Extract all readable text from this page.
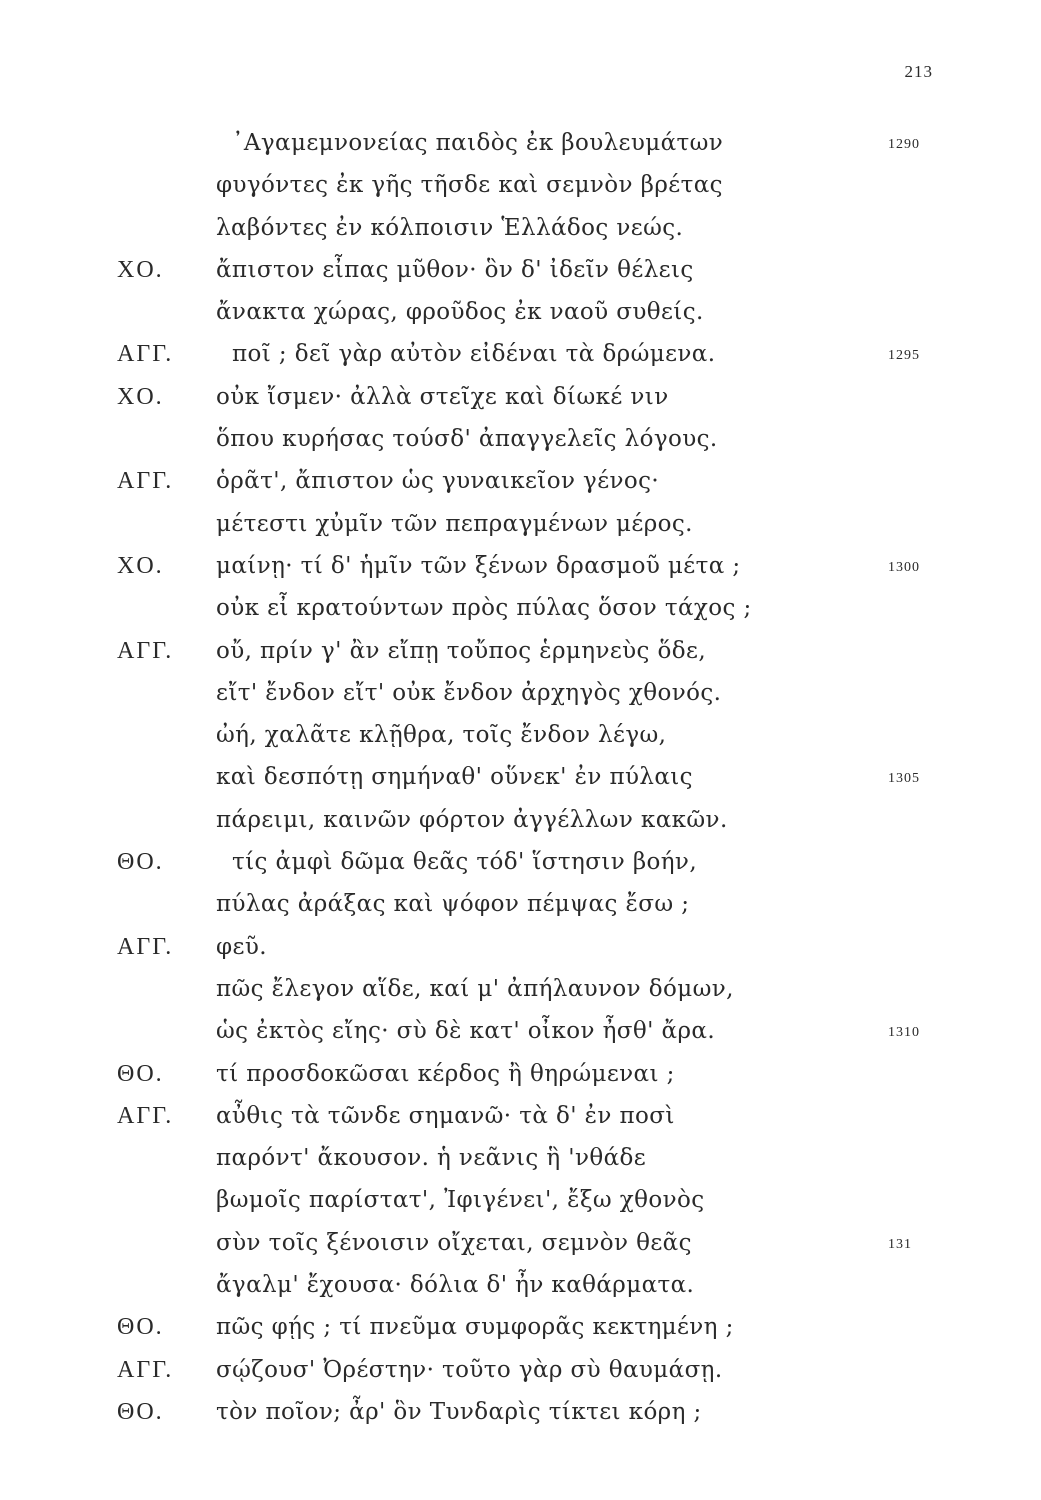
213
᾿Αγαμεμνονείας παιδὸς ἐκ βουλευμάτων	1290
φυγόντες ἐκ γῆς τῆσδε καὶ σεμνὸν βρέτας
λαβόντες ἐν κόλποισιν Ἑλλάδος νεώς.
ΧΟ. ἄπιστον εἶπας μῦθον· ὃν δ' ἰδεῖν θέλεις
ἄνακτα χώρας, φροῦδος ἐκ ναοῦ συθείς.
ΑΓΓ.	ποῖ ; δεῖ γὰρ αὐτὸν εἰδέναι τὰ δρώμενα.	1295
ΧΟ. οὐκ ἴσμεν· ἀλλὰ στεῖχε καὶ δίωκέ νιν
ὅπου κυρήσας τούσδ' ἀπαγγελεῖς λόγους.
ΑΓΓ. ὁρᾶτ', ἄπιστον ὡς γυναικεῖον γένος·
μέτεστι χὐμῖν τῶν πεπραγμένων μέρος.
ΧΟ. μαίνῃ· τί δ' ἡμῖν τῶν ξένων δρασμοῦ μέτα ;	1300
οὐκ εἶ κρατούντων πρὸς πύλας ὅσον τάχος ;
ΑΓΓ. οὔ, πρίν γ' ἂν εἴπῃ τοὔπος ἑρμηνεὺς ὅδε,
εἴτ' ἔνδον εἴτ' οὐκ ἔνδον ἀρχηγὸς χθονός.
ὠή, χαλᾶτε κλῇθρα, τοῖς ἔνδον λέγω,
καὶ δεσπότῃ σημήναθ' οὕνεκ' ἐν πύλαις	1305
πάρειμι, καινῶν φόρτον ἀγγέλλων κακῶν.
ΘΟ.	τίς ἀμφὶ δῶμα θεᾶς τόδ' ἵστησιν βοήν,
πύλας ἀράξας καὶ ψόφον πέμψας ἔσω ;
ΑΓΓ. φεῦ.
πῶς ἔλεγον αἵδε, καί μ' ἀπήλαυνον δόμων,
ὡς ἐκτὸς εἴης· σὺ δὲ κατ' οἶκον ἦσθ' ἄρα.	1310
ΘΟ. τί προσδοκῶσαι κέρδος ἢ θηρώμεναι ;
ΑΓΓ. αὖθις τὰ τῶνδε σημανῶ· τὰ δ' ἐν ποσὶ
παρόντ' ἄκουσον. ἡ νεᾶνις ἣ 'νθάδε
βωμοῖς παρίστατ', Ἰφιγένει', ἔξω χθονὸς
σὺν τοῖς ξένοισιν οἴχεται, σεμνὸν θεᾶς	131
ἄγαλμ' ἔχουσα· δόλια δ' ἦν καθάρματα.
ΘΟ. πῶς φῄς ; τί πνεῦμα συμφορᾶς κεκτημένη ;
ΑΓΓ. σῴζουσ' Ὀρέστην· τοῦτο γὰρ σὺ θαυμάσῃ.
ΘΟ. τὸν ποῖον; ἆρ' ὃν Τυνδαρὶς τίκτει κόρη ;
